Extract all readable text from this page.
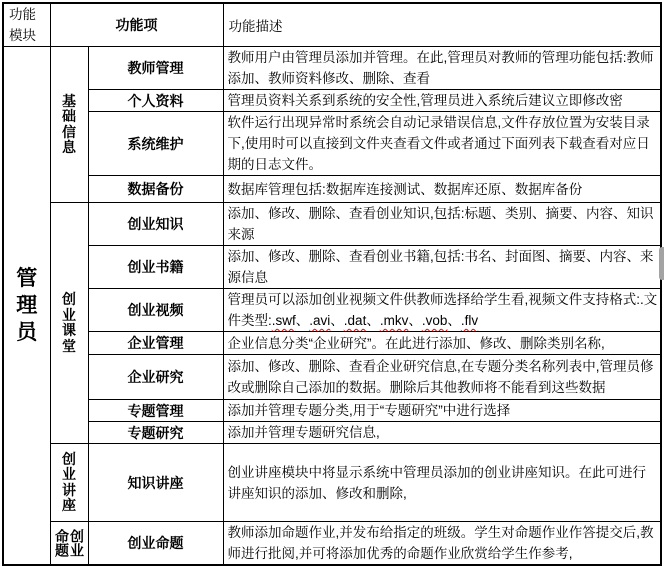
功能模块	功能项		功能描述
管理员	基础信息	教师管理	教师用户由管理员添加并管理。在此,管理员对教师的管理功能包括:教师添加、教师资料修改、删除、查看
		个人资料	管理员资料关系到系统的安全性,管理员进入系统后建议立即修改密
		系统维护	软件运行出现异常时系统会自动记录错误信息,文件存放位置为安装目录下,使用时可以直接到文件夹查看文件或者通过下面列表下载查看对应日期的日志文件。
		数据备份	数据库管理包括:数据库连接测试、数据库还原、数据库备份
	创业课堂	创业知识	添加、修改、删除、查看创业知识,包括:标题、类别、摘要、内容、知识来源
		创业书籍	添加、修改、删除、查看创业书籍,包括:书名、封面图、摘要、内容、来源信息
		创业视频	管理员可以添加创业视频文件供教师选择给学生看,视频文件支持格式:.文件类型:.swf、.avi、.dat、.mkv、.vob、.flv
		企业管理	企业信息分类“企业研究”。在此进行添加、修改、删除类别名称,
		企业研究	添加、修改、删除、查看企业研究信息,在专题分类名称列表中,管理员修改或删除自己添加的数据。删除后其他教师将不能看到这些数据
		专题管理	添加并管理专题分类,用于“专题研究”中进行选择
		专题研究	添加并管理专题研究信息,
	创业讲座	知识讲座	创业讲座模块中将显示系统中管理员添加的创业讲座知识。在此可进行讲座知识的添加、修改和删除,
	创业命题	创业命题	教师添加命题作业,并发布给指定的班级。学生对命题作业作答提交后,教师进行批阅,并可将添加优秀的命题作业欣赏给学生作参考,
